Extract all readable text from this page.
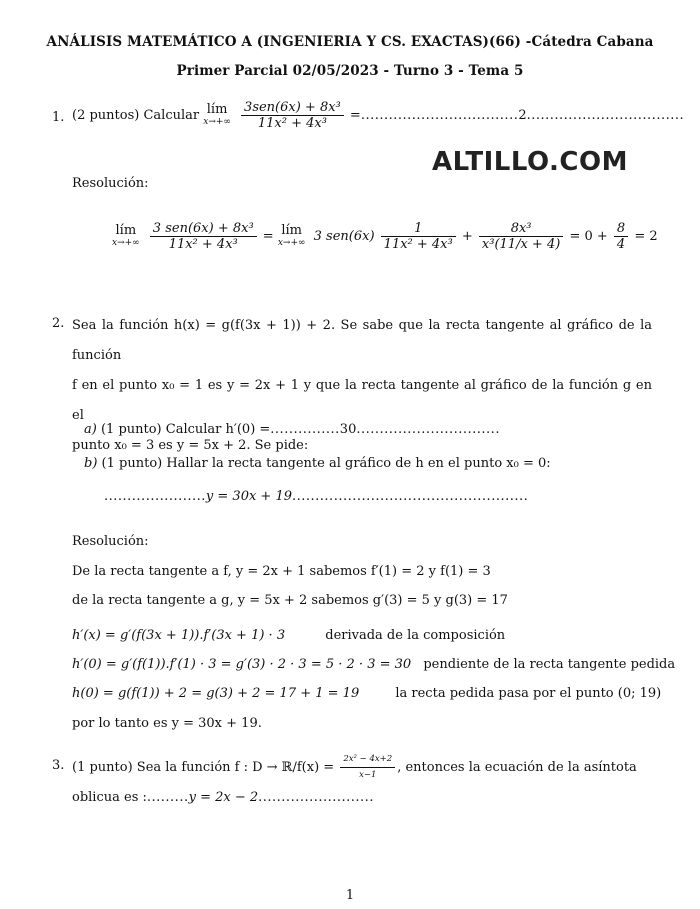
ANÁLISIS MATEMÁTICO A (INGENIERIA Y CS. EXACTAS)(66) -Cátedra Cabana
Primer Parcial 02/05/2023 - Turno 3 - Tema 5
ALTILLO.COM
1. (2 puntos) Calcular lím
x→+∞
$\frac{\text{3sen(6x) + 8x³}}{\text{11x² + 4x³}} =..................................2$..................................
Resolución:
lím
x→+∞
$\frac{\text{3 sen(6x) + 8x³}}{\text{11x² + 4x³}}$ = lím
x→+∞ 3 $sen(6x) \frac{1}{\text{11x² + 4x³}} + \frac{\text{8x³}}{\text{x³(11/x + 4)}} = 0 + \frac{8}{4} = 2$
2. Sea la función h(x) = g(f(3x + 1)) + 2. Se sabe que la recta tangente al gráfico de la función
f en el punto x₀ = 1 es y = 2x + 1 y que la recta tangente al gráfico de la función g en el
punto x₀ = 3 es y = 5x + 2. Se pide:
a) (1 punto) Calcular h′(0) =...............30...............................
b) (1 punto) Hallar la recta tangente al gráfico de h en el punto x₀ = 0:
......................y = 30x + 19...................................................
Resolución:
De la recta tangente a f, y = 2x + 1 sabemos f′(1) = 2 y f(1) = 3
de la recta tangente a g, y = 5x + 2 sabemos g′(3) = 5 y g(3) = 17
h′(x) = g′(f(3x + 1)).f′(3x + 1) · 3	derivada de la composición
h′(0) = g′(f(1)).f′(1) · 3 = g′(3) · 2 · 3 = 5 · 2 · 3 = 30 pendiente de la recta tangente pedida
h(0) = g(f(1)) + 2 = g(3) + 2 = 17 + 1 = 19	la recta pedida pasa por el punto (0; 19)
por lo tanto es y = 30x + 19.
3. (1 punto) Sea la función f : D → ℝ/f(x) = $\frac{\text{2x² − 4x+2}}{x-1}$ , entonces la ecuación de la asíntota
oblicua es :.........y = 2x − 2.........................
1
